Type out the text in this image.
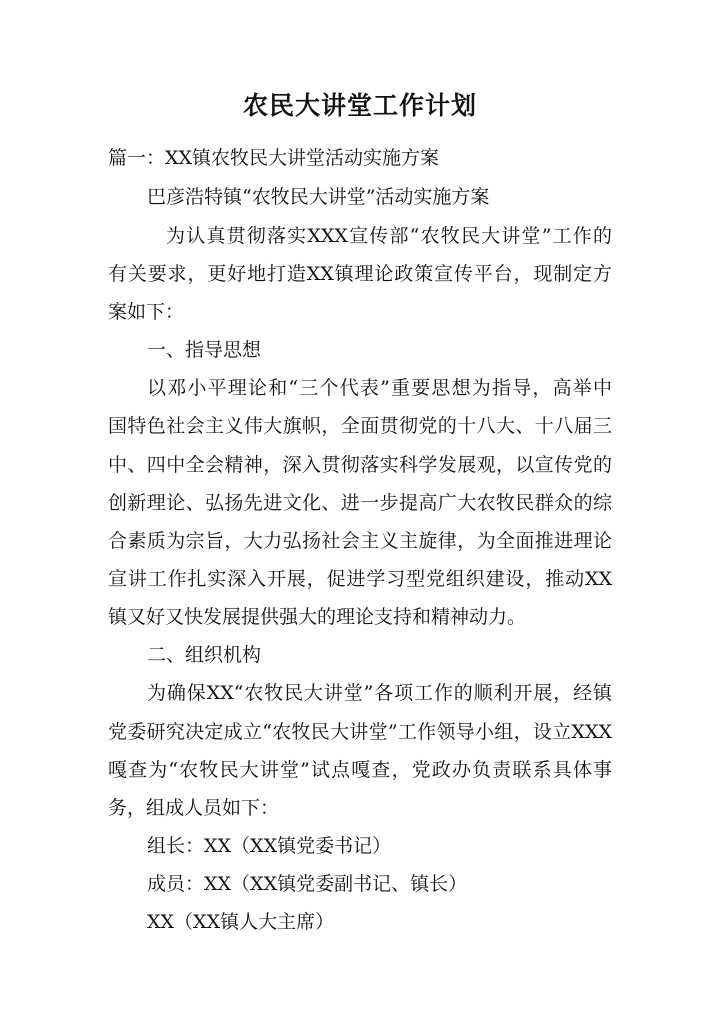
农民大讲堂工作计划
篇一：XX镇农牧民大讲堂活动实施方案
巴彦浩特镇“农牧民大讲堂”活动实施方案
为认真贯彻落实XXX宣传部“农牧民大讲堂”工作的
有关要求，更好地打造XX镇理论政策宣传平台，现制定方
案如下：
一、指导思想
以邓小平理论和“三个代表”重要思想为指导，高举中
国特色社会主义伟大旗帜，全面贯彻党的十八大、十八届三
中、四中全会精神，深入贯彻落实科学发展观，以宣传党的
创新理论、弘扬先进文化、进一步提高广大农牧民群众的综
合素质为宗旨，大力弘扬社会主义主旋律，为全面推进理论
宣讲工作扎实深入开展，促进学习型党组织建设，推动XX
镇又好又快发展提供强大的理论支持和精神动力。
二、组织机构
为确保XX“农牧民大讲堂”各项工作的顺利开展，经镇
党委研究决定成立“农牧民大讲堂”工作领导小组，设立XXX
嘎查为“农牧民大讲堂”试点嘎查，党政办负责联系具体事
务，组成人员如下：
组长：XX（XX镇党委书记）
成员：XX（XX镇党委副书记、镇长）
XX（XX镇人大主席）
